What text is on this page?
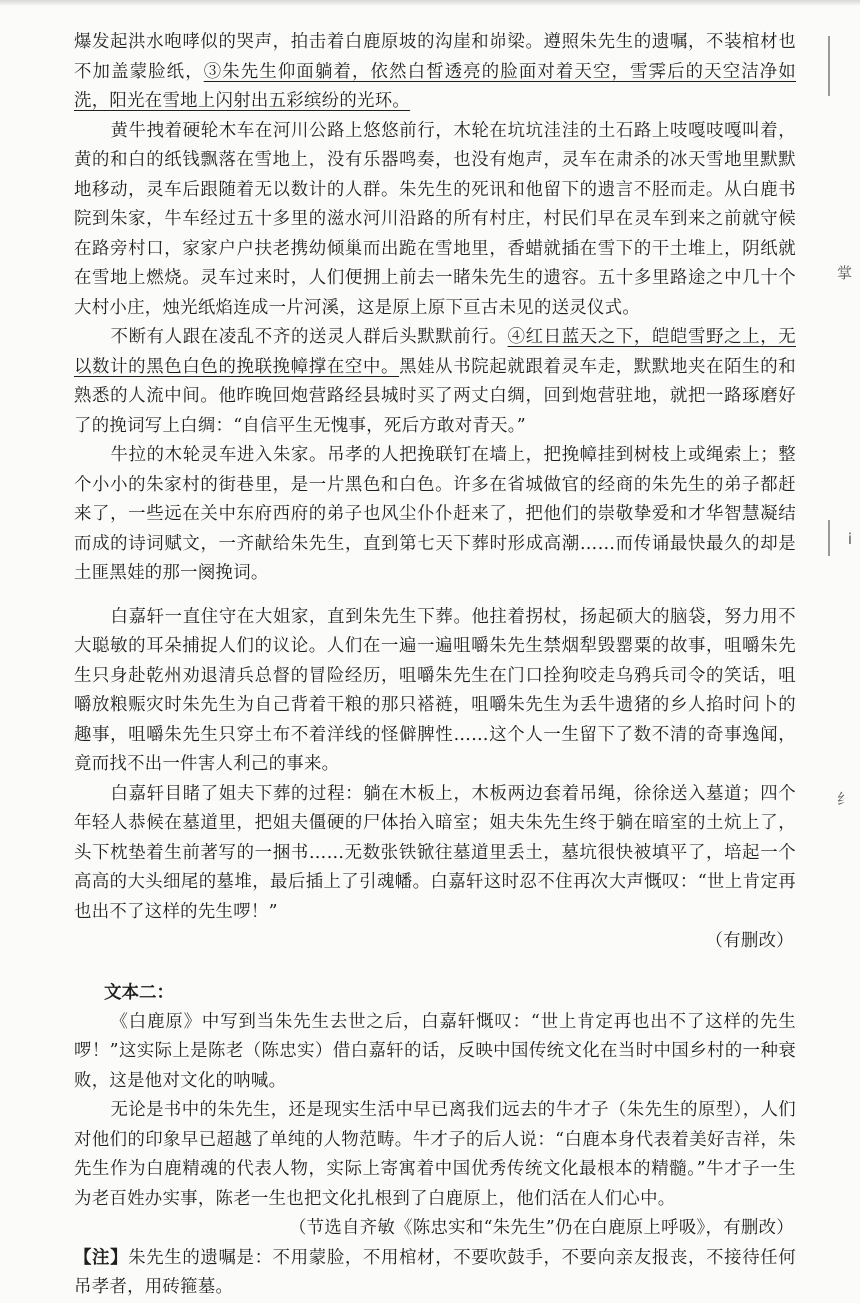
掌
i
纟

爆发起洪水咆哮似的哭声，拍击着白鹿原坡的沟崖和峁梁。遵照朱先生的遗嘱，不装棺材也不加盖蒙脸纸，③朱先生仰面躺着，依然白皙透亮的脸面对着天空，雪霁后的天空洁净如洗，阳光在雪地上闪射出五彩缤纷的光环。

黄牛拽着硬轮木车在河川公路上悠悠前行，木轮在坑坑洼洼的土石路上吱嘎吱嘎叫着，黄的和白的纸钱飘落在雪地上，没有乐器鸣奏，也没有炮声，灵车在肃杀的冰天雪地里默默地移动，灵车后跟随着无以数计的人群。朱先生的死讯和他留下的遗言不胫而走。从白鹿书院到朱家，牛车经过五十多里的滋水河川沿路的所有村庄，村民们早在灵车到来之前就守候在路旁村口，家家户户扶老携幼倾巢而出跪在雪地里，香蜡就插在雪下的干土堆上，阴纸就在雪地上燃烧。灵车过来时，人们便拥上前去一睹朱先生的遗容。五十多里路途之中几十个大村小庄，烛光纸焰连成一片河溪，这是原上原下亘古未见的送灵仪式。

不断有人跟在凌乱不齐的送灵人群后头默默前行。④红日蓝天之下，皑皑雪野之上，无以数计的黑色白色的挽联挽幛撑在空中。黑娃从书院起就跟着灵车走，默默地夹在陌生的和熟悉的人流中间。他昨晚回炮营路经县城时买了两丈白绸，回到炮营驻地，就把一路琢磨好了的挽词写上白绸：“自信平生无愧事，死后方敢对青天。”

牛拉的木轮灵车进入朱家。吊孝的人把挽联钉在墙上，把挽幛挂到树枝上或绳索上；整个小小的朱家村的街巷里，是一片黑色和白色。许多在省城做官的经商的朱先生的弟子都赶来了，一些远在关中东府西府的弟子也风尘仆仆赶来了，把他们的崇敬挚爱和才华智慧凝结而成的诗词赋文，一齐献给朱先生，直到第七天下葬时形成高潮……而传诵最快最久的却是土匪黑娃的那一阕挽词。

白嘉轩一直住守在大姐家，直到朱先生下葬。他拄着拐杖，扬起硕大的脑袋，努力用不大聪敏的耳朵捕捉人们的议论。人们在一遍一遍咀嚼朱先生禁烟犁毁罂粟的故事，咀嚼朱先生只身赴乾州劝退清兵总督的冒险经历，咀嚼朱先生在门口拴狗咬走乌鸦兵司令的笑话，咀嚼放粮赈灾时朱先生为自己背着干粮的那只褡裢，咀嚼朱先生为丢牛遗猪的乡人掐时问卜的趣事，咀嚼朱先生只穿土布不着洋线的怪僻脾性……这个人一生留下了数不清的奇事逸闻，竟而找不出一件害人利己的事来。

白嘉轩目睹了姐夫下葬的过程：躺在木板上，木板两边套着吊绳，徐徐送入墓道；四个年轻人恭候在墓道里，把姐夫僵硬的尸体抬入暗室；姐夫朱先生终于躺在暗室的土炕上了，头下枕垫着生前著写的一捆书……无数张铁锨往墓道里丢土，墓坑很快被填平了，培起一个高高的大头细尾的墓堆，最后插上了引魂幡。白嘉轩这时忍不住再次大声慨叹：“世上肯定再也出不了这样的先生啰！”

（有删改）

文本二：

《白鹿原》中写到当朱先生去世之后，白嘉轩慨叹：“世上肯定再也出不了这样的先生啰！”这实际上是陈老（陈忠实）借白嘉轩的话，反映中国传统文化在当时中国乡村的一种衰败，这是他对文化的呐喊。

无论是书中的朱先生，还是现实生活中早已离我们远去的牛才子（朱先生的原型），人们对他们的印象早已超越了单纯的人物范畴。牛才子的后人说：“白鹿本身代表着美好吉祥，朱先生作为白鹿精魂的代表人物，实际上寄寓着中国优秀传统文化最根本的精髓。”牛才子一生为老百姓办实事，陈老一生也把文化扎根到了白鹿原上，他们活在人们心中。

（节选自齐敏《陈忠实和“朱先生”仍在白鹿原上呼吸》，有删改）

【注】朱先生的遗嘱是：不用蒙脸，不用棺材，不要吹鼓手，不要向亲友报丧，不接待任何吊孝者，用砖箍墓。
